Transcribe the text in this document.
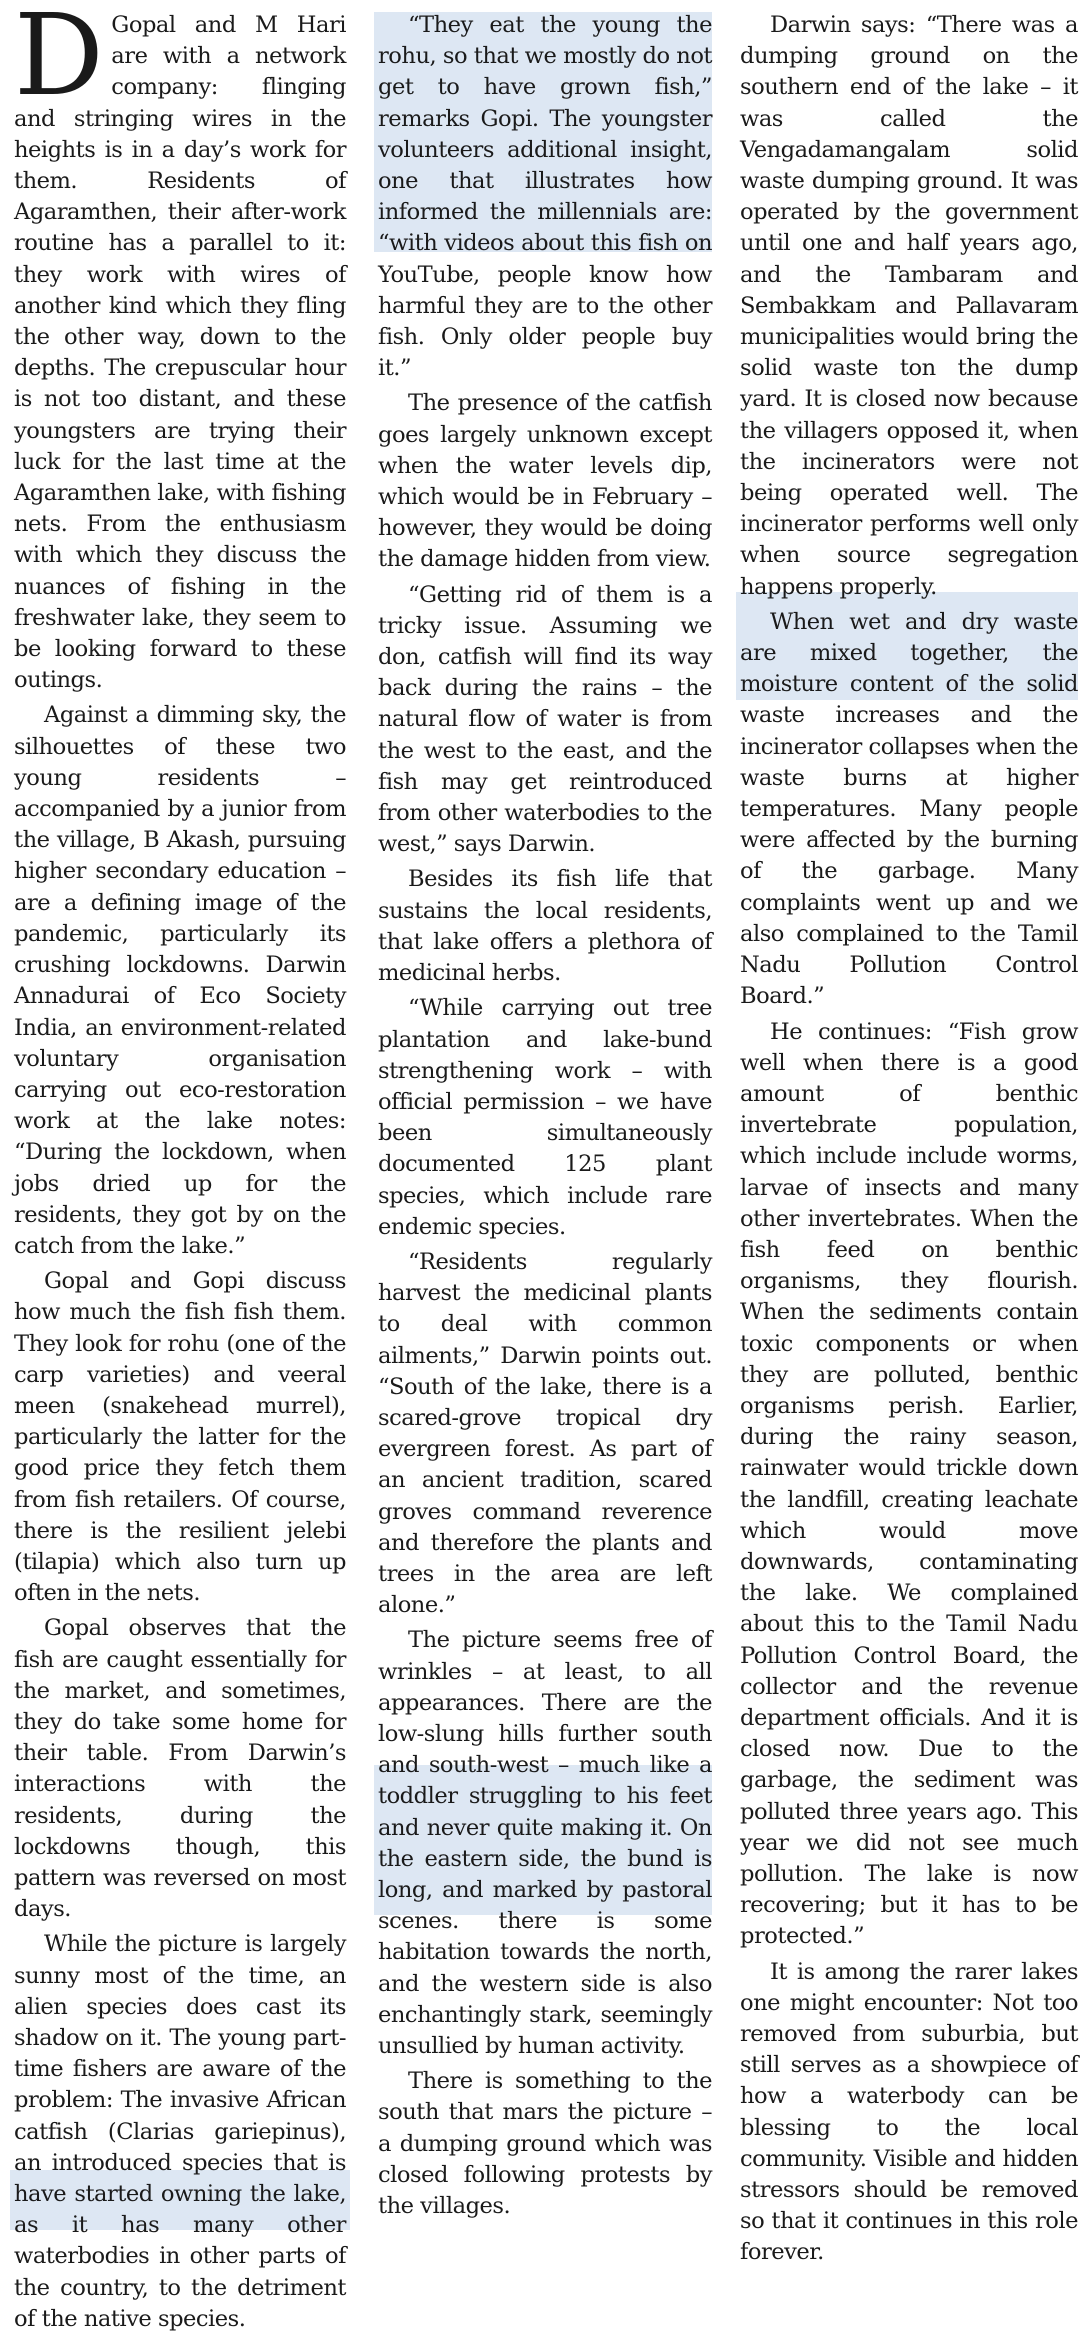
D Gopal and M Hari are with a network company: flinging and stringing wires in the heights is in a day’s work for them. Residents of Agaramthen, their after-work routine has a parallel to it: they work with wires of another kind which they fling the other way, down to the depths. The crepuscular hour is not too distant, and these youngsters are trying their luck for the last time at the Agaramthen lake, with fishing nets. From the enthusiasm with which they discuss the nuances of fishing in the freshwater lake, they seem to be looking forward to these outings.

Against a dimming sky, the silhouettes of these two young residents – accompanied by a junior from the village, B Akash, pursuing higher secondary education – are a defining image of the pandemic, particularly its crushing lockdowns. Darwin Annadurai of Eco Society India, an environment-related voluntary organisation carrying out eco-restoration work at the lake notes: “During the lockdown, when jobs dried up for the residents, they got by on the catch from the lake.”

Gopal and Gopi discuss how much the fish fish them. They look for rohu (one of the carp varieties) and veeral meen (snakehead murrel), particularly the latter for the good price they fetch them from fish retailers. Of course, there is the resilient jelebi (tilapia) which also turn up often in the nets.

Gopal observes that the fish are caught essentially for the market, and sometimes, they do take some home for their table. From Darwin’s interactions with the residents, during the lockdowns though, this pattern was reversed on most days.

While the picture is largely sunny most of the time, an alien species does cast its shadow on it. The young part-time fishers are aware of the problem: The invasive African catfish (Clarias gariepinus), an introduced species that is have started owning the lake, as it has many other waterbodies in other parts of the country, to the detriment of the native species.

“They eat the young the rohu, so that we mostly do not get to have grown fish,” remarks Gopi. The youngster volunteers additional insight, one that illustrates how informed the millennials are: “with videos about this fish on YouTube, people know how harmful they are to the other fish. Only older people buy it.”

The presence of the catfish goes largely unknown except when the water levels dip, which would be in February – however, they would be doing the damage hidden from view.

“Getting rid of them is a tricky issue. Assuming we don, catfish will find its way back during the rains – the natural flow of water is from the west to the east, and the fish may get reintroduced from other waterbodies to the west,” says Darwin.

Besides its fish life that sustains the local residents, that lake offers a plethora of medicinal herbs.

“While carrying out tree plantation and lake-bund strengthening work – with official permission – we have been simultaneously documented 125 plant species, which include rare endemic species.

“Residents regularly harvest the medicinal plants to deal with common ailments,” Darwin points out. “South of the lake, there is a scared-grove tropical dry evergreen forest. As part of an ancient tradition, scared groves command reverence and therefore the plants and trees in the area are left alone.”

The picture seems free of wrinkles – at least, to all appearances. There are the low-slung hills further south and south-west – much like a toddler struggling to his feet and never quite making it. On the eastern side, the bund is long, and marked by pastoral scenes. there is some habitation towards the north, and the western side is also enchantingly stark, seemingly unsullied by human activity.

There is something to the south that mars the picture – a dumping ground which was closed following protests by the villages.

Darwin says: “There was a dumping ground on the southern end of the lake – it was called the Vengadamangalam solid waste dumping ground. It was operated by the government until one and half years ago, and the Tambaram and Sembakkam and Pallavaram municipalities would bring the solid waste ton the dump yard. It is closed now because the villagers opposed it, when the incinerators were not being operated well. The incinerator performs well only when source segregation happens properly.

When wet and dry waste are mixed together, the moisture content of the solid waste increases and the incinerator collapses when the waste burns at higher temperatures. Many people were affected by the burning of the garbage. Many complaints went up and we also complained to the Tamil Nadu Pollution Control Board.”

He continues: “Fish grow well when there is a good amount of benthic invertebrate population, which include include worms, larvae of insects and many other invertebrates. When the fish feed on benthic organisms, they flourish. When the sediments contain toxic components or when they are polluted, benthic organisms perish. Earlier, during the rainy season, rainwater would trickle down the landfill, creating leachate which would move downwards, contaminating the lake. We complained about this to the Tamil Nadu Pollution Control Board, the collector and the revenue department officials. And it is closed now. Due to the garbage, the sediment was polluted three years ago. This year we did not see much pollution. The lake is now recovering; but it has to be protected.”

It is among the rarer lakes one might encounter: Not too removed from suburbia, but still serves as a showpiece of how a waterbody can be blessing to the local community. Visible and hidden stressors should be removed so that it continues in this role forever.
